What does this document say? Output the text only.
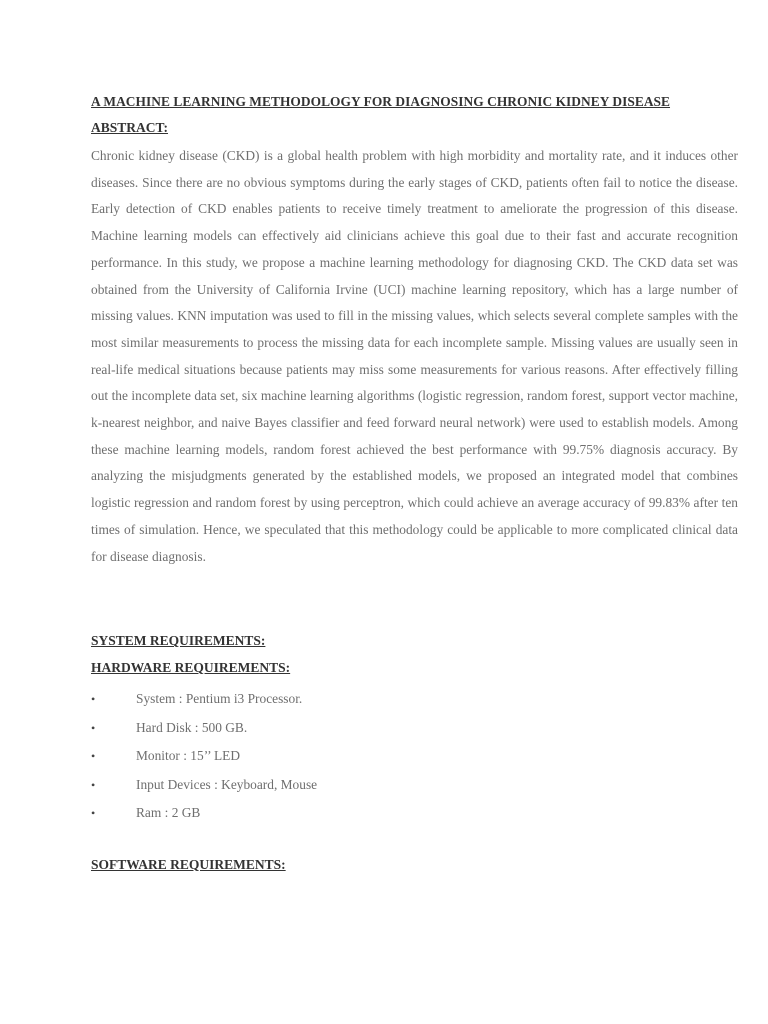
A MACHINE LEARNING METHODOLOGY FOR DIAGNOSING CHRONIC KIDNEY DISEASE
ABSTRACT:

Chronic kidney disease (CKD) is a global health problem with high morbidity and mortality rate, and it induces other diseases. Since there are no obvious symptoms during the early stages of CKD, patients often fail to notice the disease. Early detection of CKD enables patients to receive timely treatment to ameliorate the progression of this disease. Machine learning models can effectively aid clinicians achieve this goal due to their fast and accurate recognition performance. In this study, we propose a machine learning methodology for diagnosing CKD. The CKD data set was obtained from the University of California Irvine (UCI) machine learning repository, which has a large number of missing values. KNN imputation was used to fill in the missing values, which selects several complete samples with the most similar measurements to process the missing data for each incomplete sample. Missing values are usually seen in real-life medical situations because patients may miss some measurements for various reasons. After effectively filling out the incomplete data set, six machine learning algorithms (logistic regression, random forest, support vector machine, k-nearest neighbor, and naive Bayes classifier and feed forward neural network) were used to establish models. Among these machine learning models, random forest achieved the best performance with 99.75% diagnosis accuracy. By analyzing the misjudgments generated by the established models, we proposed an integrated model that combines logistic regression and random forest by using perceptron, which could achieve an average accuracy of 99.83% after ten times of simulation. Hence, we speculated that this methodology could be applicable to more complicated clinical data for disease diagnosis.

SYSTEM REQUIREMENTS:
HARDWARE REQUIREMENTS:
•	System : Pentium i3 Processor.
•	Hard Disk : 500 GB.
•	Monitor : 15’’ LED
•	Input Devices : Keyboard, Mouse
•	Ram : 2 GB
SOFTWARE REQUIREMENTS:
